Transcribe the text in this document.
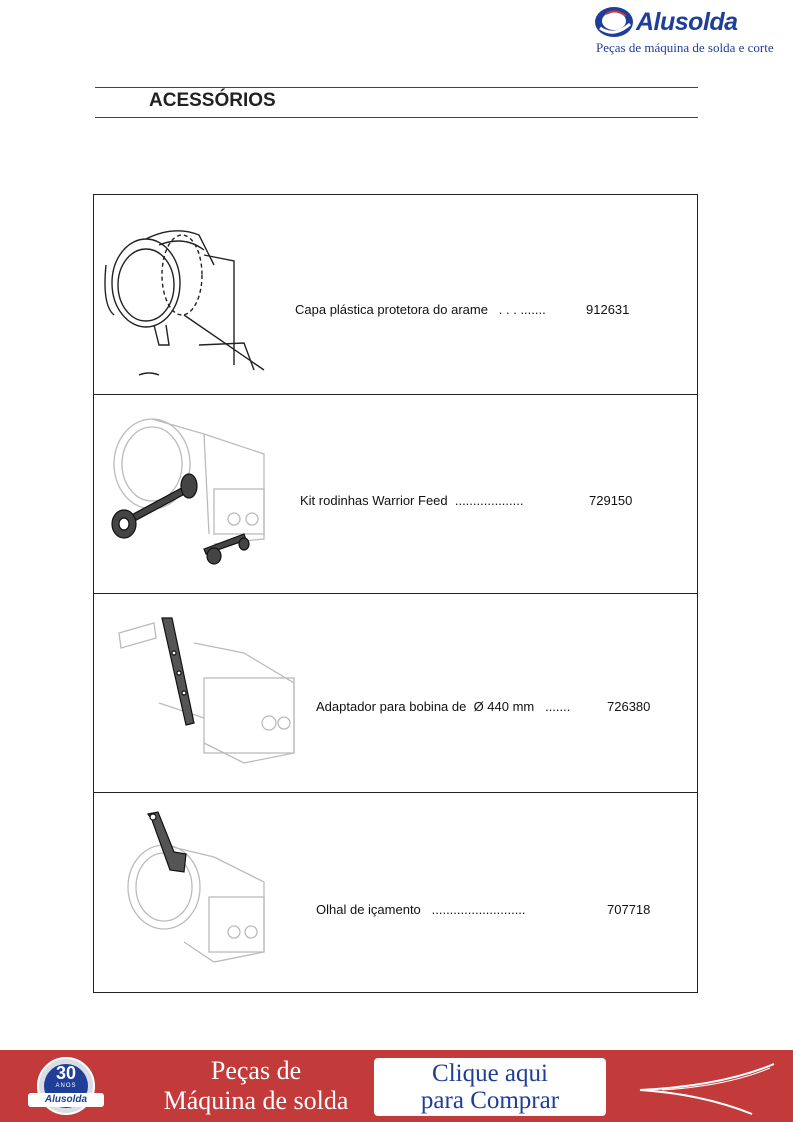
Alusolda
Peças de máquina de solda e corte
ACESSÓRIOS
Capa plástica protetora do arame   . . . .......	912631
Kit rodinhas Warrior Feed  ...................	729150
Adaptador para bobina de  Ø 440 mm   .......	726380
Olhal de içamento   ..........................	707718
30
ANOS
Alusolda
Peças de
Máquina de solda
Clique aqui
para Comprar
